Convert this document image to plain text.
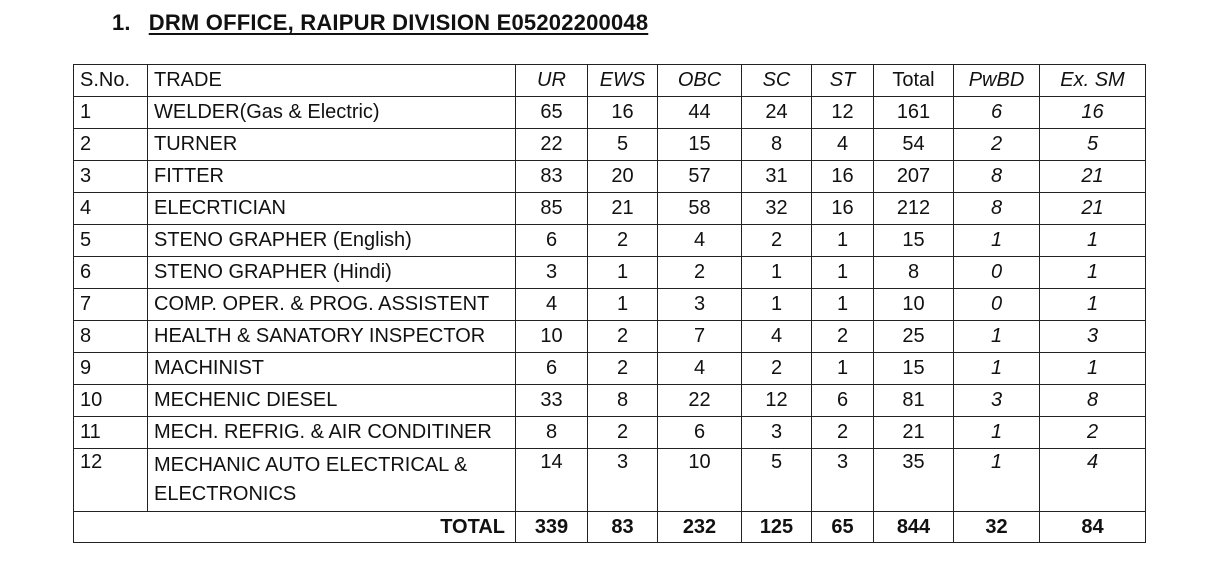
1. DRM OFFICE, RAIPUR DIVISION E05202200048
S.No.	TRADE	UR	EWS	OBC	SC	ST	Total	PwBD	Ex. SM
1	WELDER(Gas & Electric)	65	16	44	24	12	161	6	16
2	TURNER	22	5	15	8	4	54	2	5
3	FITTER	83	20	57	31	16	207	8	21
4	ELECRTICIAN	85	21	58	32	16	212	8	21
5	STENO GRAPHER (English)	6	2	4	2	1	15	1	1
6	STENO GRAPHER (Hindi)	3	1	2	1	1	8	0	1
7	COMP. OPER. & PROG. ASSISTENT	4	1	3	1	1	10	0	1
8	HEALTH & SANATORY INSPECTOR	10	2	7	4	2	25	1	3
9	MACHINIST	6	2	4	2	1	15	1	1
10	MECHENIC DIESEL	33	8	22	12	6	81	3	8
11	MECH. REFRIG. & AIR CONDITINER	8	2	6	3	2	21	1	2
12	MECHANIC AUTO ELECTRICAL & ELECTRONICS	14	3	10	5	3	35	1	4
TOTAL		339	83	232	125	65	844	32	84
